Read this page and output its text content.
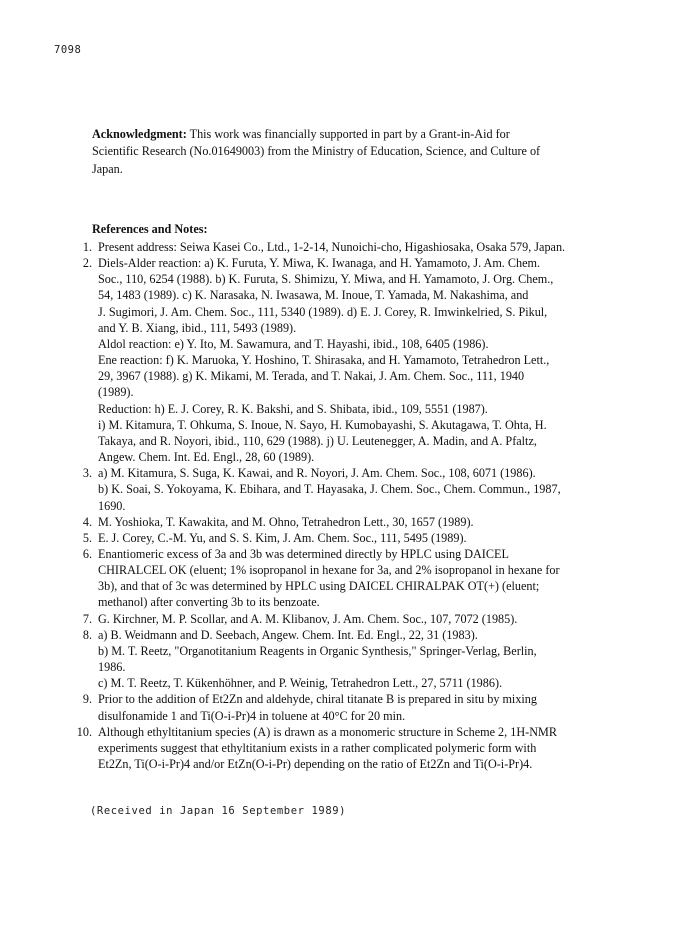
7098
Acknowledgment: This work was financially supported in part by a Grant-in-Aid for
Scientific Research (No.01649003) from the Ministry of Education, Science, and Culture of
Japan.
References and Notes:
1. Present address: Seiwa Kasei Co., Ltd., 1-2-14, Nunoichi-cho, Higashiosaka, Osaka 579, Japan.
2. Diels-Alder reaction: a) K. Furuta, Y. Miwa, K. Iwanaga, and H. Yamamoto, J. Am. Chem.
Soc., 110, 6254 (1988). b) K. Furuta, S. Shimizu, Y. Miwa, and H. Yamamoto, J. Org. Chem.,
54, 1483 (1989). c) K. Narasaka, N. Iwasawa, M. Inoue, T. Yamada, M. Nakashima, and
J. Sugimori, J. Am. Chem. Soc., 111, 5340 (1989). d) E. J. Corey, R. Imwinkelried, S. Pikul,
and Y. B. Xiang, ibid., 111, 5493 (1989).
Aldol reaction: e) Y. Ito, M. Sawamura, and T. Hayashi, ibid., 108, 6405 (1986).
Ene reaction: f) K. Maruoka, Y. Hoshino, T. Shirasaka, and H. Yamamoto, Tetrahedron Lett.,
29, 3967 (1988). g) K. Mikami, M. Terada, and T. Nakai, J. Am. Chem. Soc., 111, 1940
(1989).
Reduction: h) E. J. Corey, R. K. Bakshi, and S. Shibata, ibid., 109, 5551 (1987).
i) M. Kitamura, T. Ohkuma, S. Inoue, N. Sayo, H. Kumobayashi, S. Akutagawa, T. Ohta, H.
Takaya, and R. Noyori, ibid., 110, 629 (1988). j) U. Leutenegger, A. Madin, and A. Pfaltz,
Angew. Chem. Int. Ed. Engl., 28, 60 (1989).
3. a) M. Kitamura, S. Suga, K. Kawai, and R. Noyori, J. Am. Chem. Soc., 108, 6071 (1986).
b) K. Soai, S. Yokoyama, K. Ebihara, and T. Hayasaka, J. Chem. Soc., Chem. Commun., 1987,
1690.
4. M. Yoshioka, T. Kawakita, and M. Ohno, Tetrahedron Lett., 30, 1657 (1989).
5. E. J. Corey, C.-M. Yu, and S. S. Kim, J. Am. Chem. Soc., 111, 5495 (1989).
6. Enantiomeric excess of 3a and 3b was determined directly by HPLC using DAICEL
CHIRALCEL OK (eluent; 1% isopropanol in hexane for 3a, and 2% isopropanol in hexane for
3b), and that of 3c was determined by HPLC using DAICEL CHIRALPAK OT(+) (eluent;
methanol) after converting 3b to its benzoate.
7. G. Kirchner, M. P. Scollar, and A. M. Klibanov, J. Am. Chem. Soc., 107, 7072 (1985).
8. a) B. Weidmann and D. Seebach, Angew. Chem. Int. Ed. Engl., 22, 31 (1983).
b) M. T. Reetz, "Organotitanium Reagents in Organic Synthesis," Springer-Verlag, Berlin,
1986.
c) M. T. Reetz, T. Kükenhöhner, and P. Weinig, Tetrahedron Lett., 27, 5711 (1986).
9. Prior to the addition of Et2Zn and aldehyde, chiral titanate B is prepared in situ by mixing
disulfonamide 1 and Ti(O-i-Pr)4 in toluene at 40°C for 20 min.
10. Although ethyltitanium species (A) is drawn as a monomeric structure in Scheme 2, 1H-NMR
experiments suggest that ethyltitanium exists in a rather complicated polymeric form with
Et2Zn, Ti(O-i-Pr)4 and/or EtZn(O-i-Pr) depending on the ratio of Et2Zn and Ti(O-i-Pr)4.
(Received in Japan 16 September 1989)
